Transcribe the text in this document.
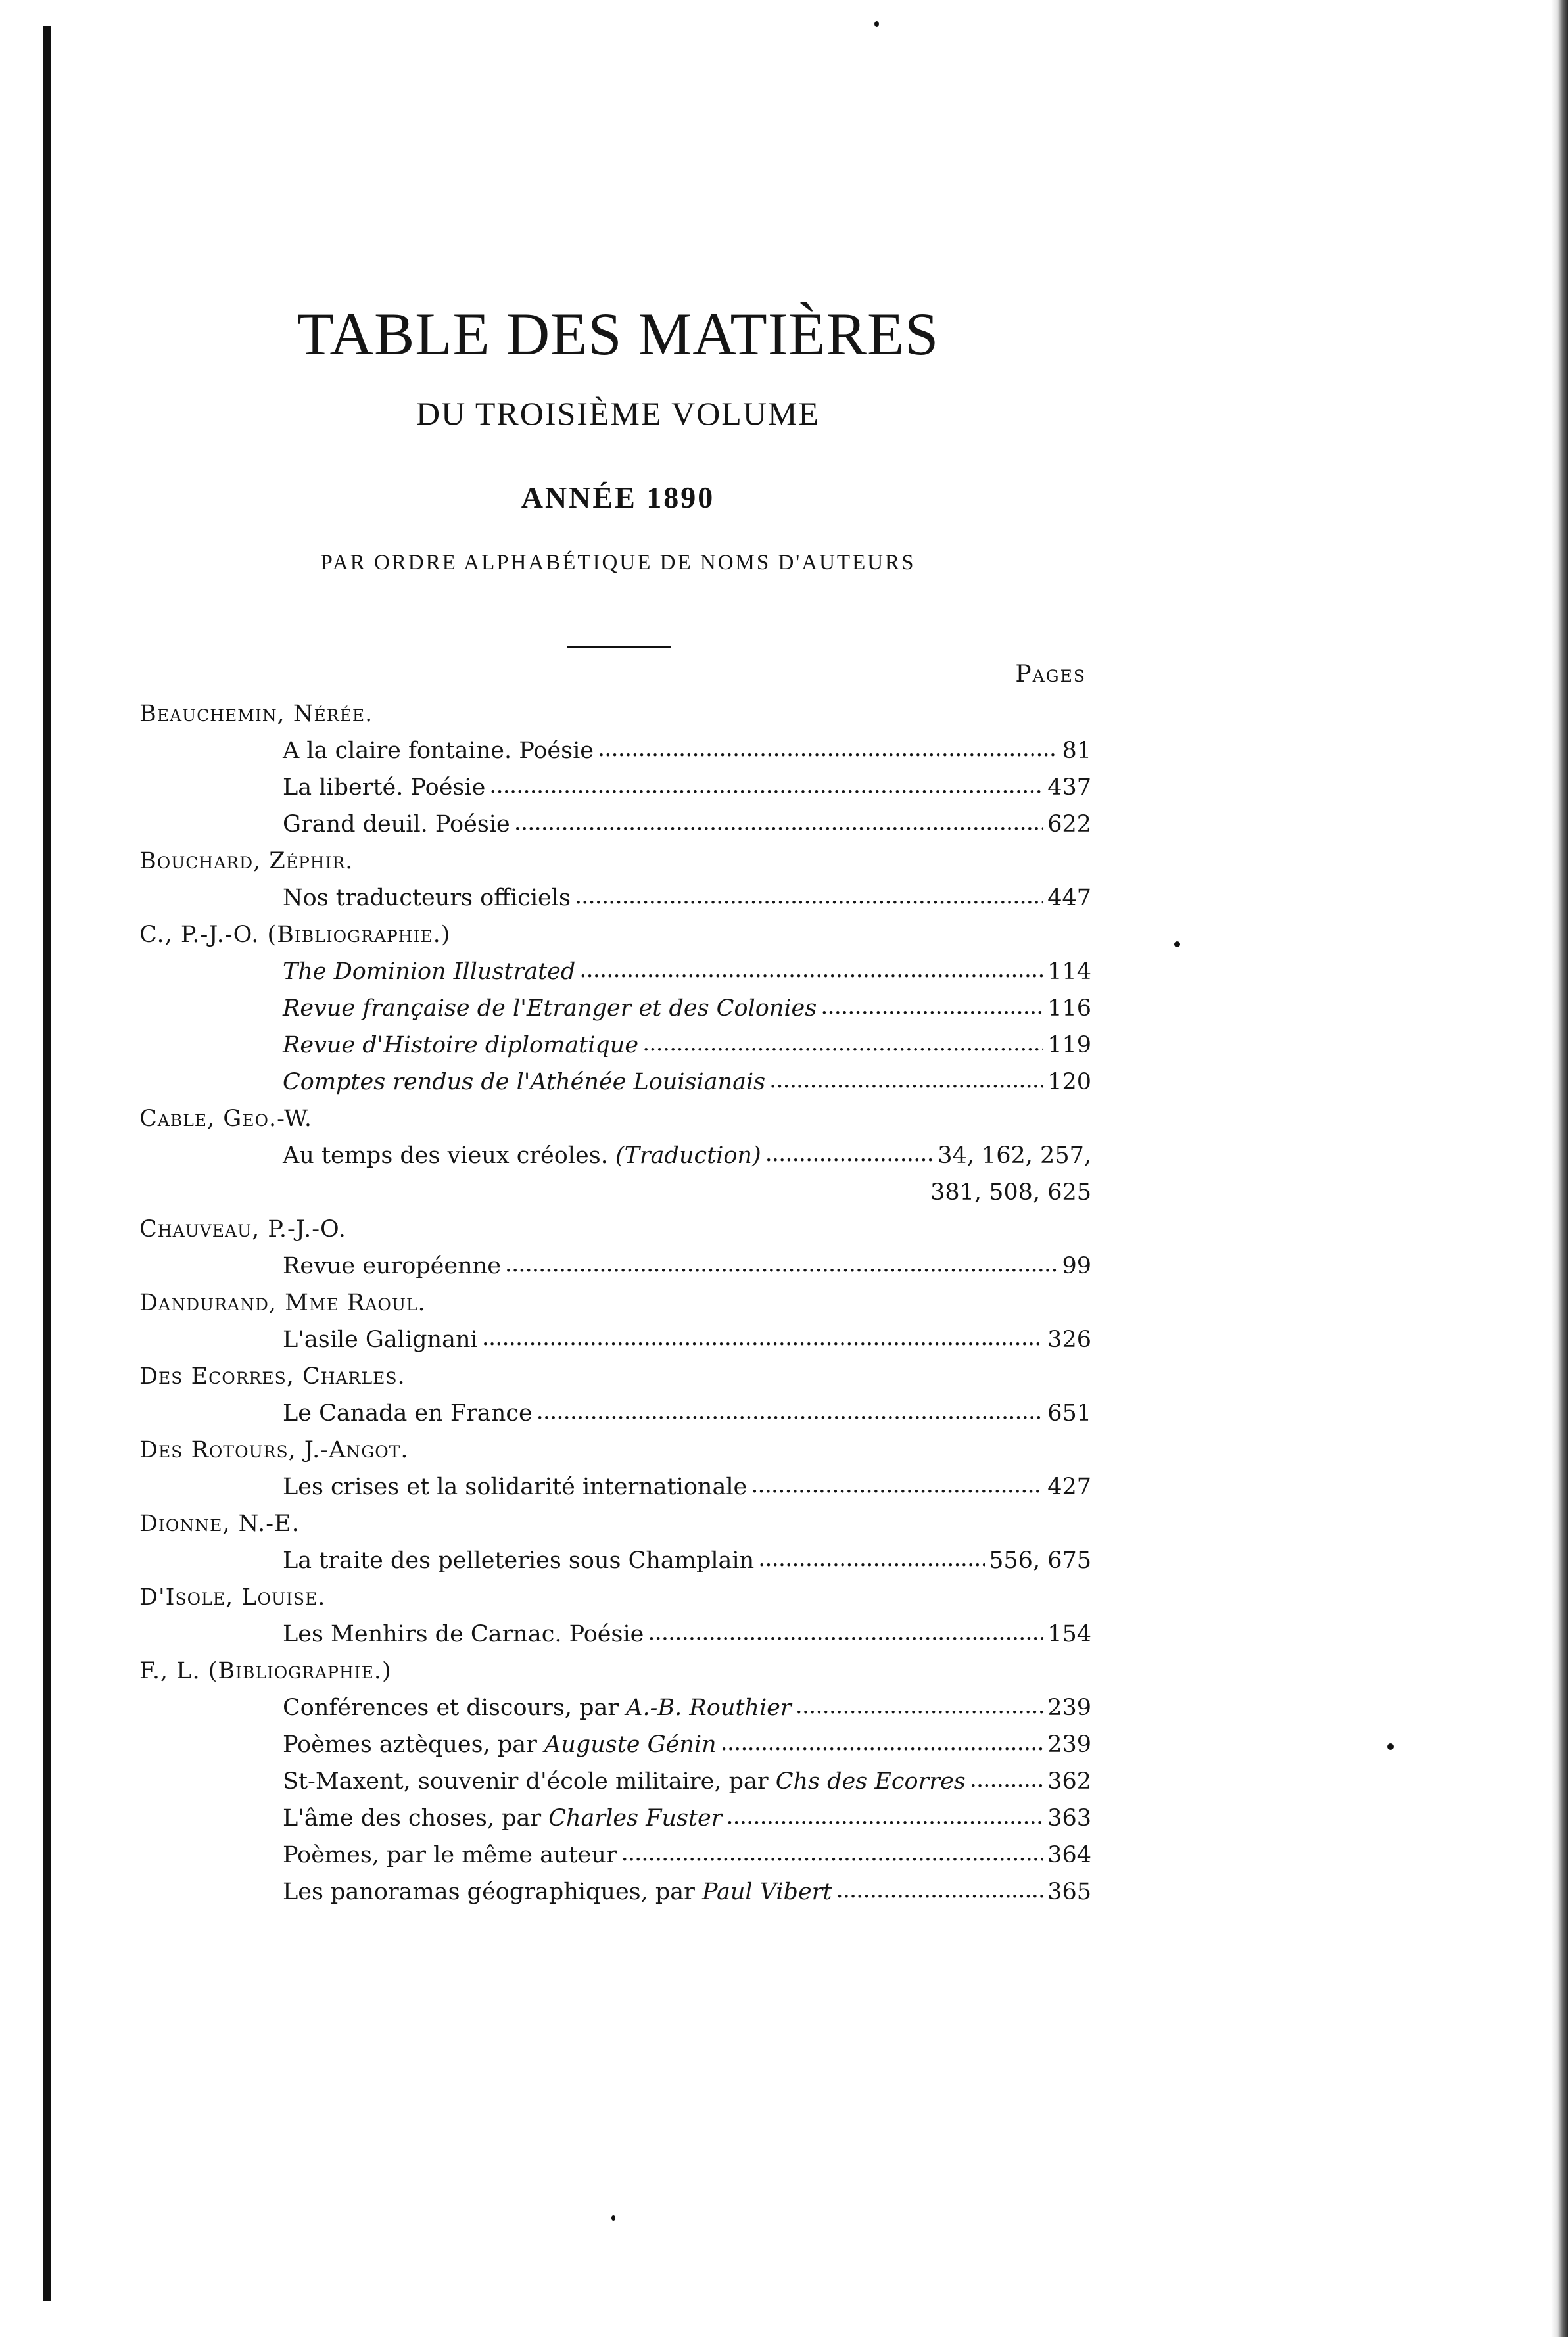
TABLE DES MATIÈRES
DU TROISIÈME VOLUME
ANNÉE 1890
PAR ORDRE ALPHABÉTIQUE DE NOMS D'AUTEURS
Pages
Beauchemin, Nérée.
A la claire fontaine. Poésie . . .	81
La liberté. Poésie . . .	437
Grand deuil. Poésie . . .	622
Bouchard, Zéphir.
Nos traducteurs officiels . . .	447
C., P.-J.-O. (Bibliographie.)
The Dominion Illustrated . . .	114
Revue française de l'Etranger et des Colonies . . .	116
Revue d'Histoire diplomatique . . .	119
Comptes rendus de l'Athénée Louisianais . . .	120
Cable, Geo.-W.
Au temps des vieux créoles. (Traduction) . . .	34, 162, 257,
381, 508, 625
Chauveau, P.-J.-O.
Revue européenne . . .	99
Dandurand, Mme Raoul.
L'asile Galignani . . .	326
Des Ecorres, Charles.
Le Canada en France . . .	651
Des Rotours, J.-Angot.
Les crises et la solidarité internationale . . .	427
Dionne, N.-E.
La traite des pelleteries sous Champlain . . .	556, 675
D'Isole, Louise.
Les Menhirs de Carnac. Poésie . . .	154
F., L. (Bibliographie.)
Conférences et discours, par A.-B. Routhier . . .	239
Poèmes aztèques, par Auguste Génin . . .	239
St-Maxent, souvenir d'école militaire, par Chs des Ecorres . . .	362
L'âme des choses, par Charles Fuster . . .	363
Poèmes, par le même auteur . . .	364
Les panoramas géographiques, par Paul Vibert . . .	365
